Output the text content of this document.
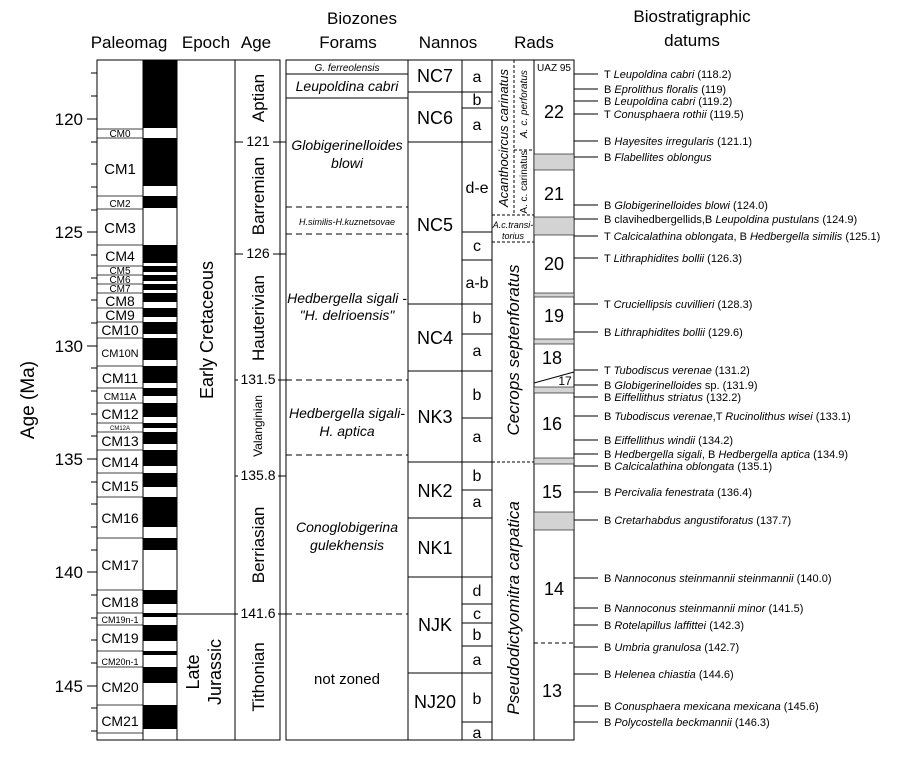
Biozones
Paleomag Epoch Age	Forams Nannos Rads
Biostratigraphic
datums
Age (Ma)
120
125
130
135
140
145
CM0
CM1
CM2
CM3
CM4
CM5
CM6
CM7
CM8
CM9
CM10
CM10N
CM11
CM11A
CM12
CM12A
CM13
CM14
CM15
CM16
CM17
CM18
CM19n-1
CM19
CM20n-1
CM20
CM21
Early Cretaceous
Late Jurassic
121
126
131.5
135.8
141.6
Aptian
Barremian
Hauterivian
Valanginian
Berriasian
Tithonian
G. ferreolensis
Leupoldina cabri
Globigerinelloides
blowi
H.similis-H.kuznetsovae
Hedbergella sigali -
"H. delrioensis"
Hedbergella sigali-
H. aptica
Conoglobigerina
gulekhensis
not zoned
NC7
NC6
NC5
NC4
NK3
NK2
NK1
NJK
NJ20
a
b
a
d-e
c
a-b
b
a
b
a
b
a
d
c
b
a
b
a
Acanthocircus carinatus A. c. perforatus
A. c. carinatus
A.c.transi-
torius
Cecrops septenforatus
Pseudodictyomitra carpatica
UAZ 95
22
21
20
19
18
17
16
15
14
13
T Leupoldina cabri (118.2)
B Eprolithus floralis (119)
B Leupoldina cabri (119.2)
T Conusphaera rothii (119.5)
B Hayesites irregularis (121.1)
B Flabellites oblongus
B Globigerinelloides blowi (124.0)
B clavihedbergellids,B Leupoldina pustulans (124.9)
T Calcicalathina oblongata, B Hedbergella similis (125.1)
T Lithraphidites bollii (126.3)
T Cruciellipsis cuvillieri (128.3)
B Lithraphidites bollii (129.6)
T Tubodiscus verenae (131.2)
B Globigerinelloides sp. (131.9)
B Eiffellithus striatus (132.2)
B Tubodiscus verenae,T Rucinolithus wisei (133.1)
B Eiffellithus windii (134.2)
B Hedbergella sigali, B Hedbergella aptica (134.9)
B Calcicalathina oblongata (135.1)
B Percivalia fenestrata (136.4)
B Cretarhabdus angustiforatus (137.7)
B Nannoconus steinmannii steinmannii (140.0)
B Nannoconus steinmannii minor (141.5)
B Rotelapillus laffittei (142.3)
B Umbria granulosa (142.7)
B Helenea chiastia (144.6)
B Conusphaera mexicana mexicana (145.6)
B Polycostella beckmannii (146.3)
